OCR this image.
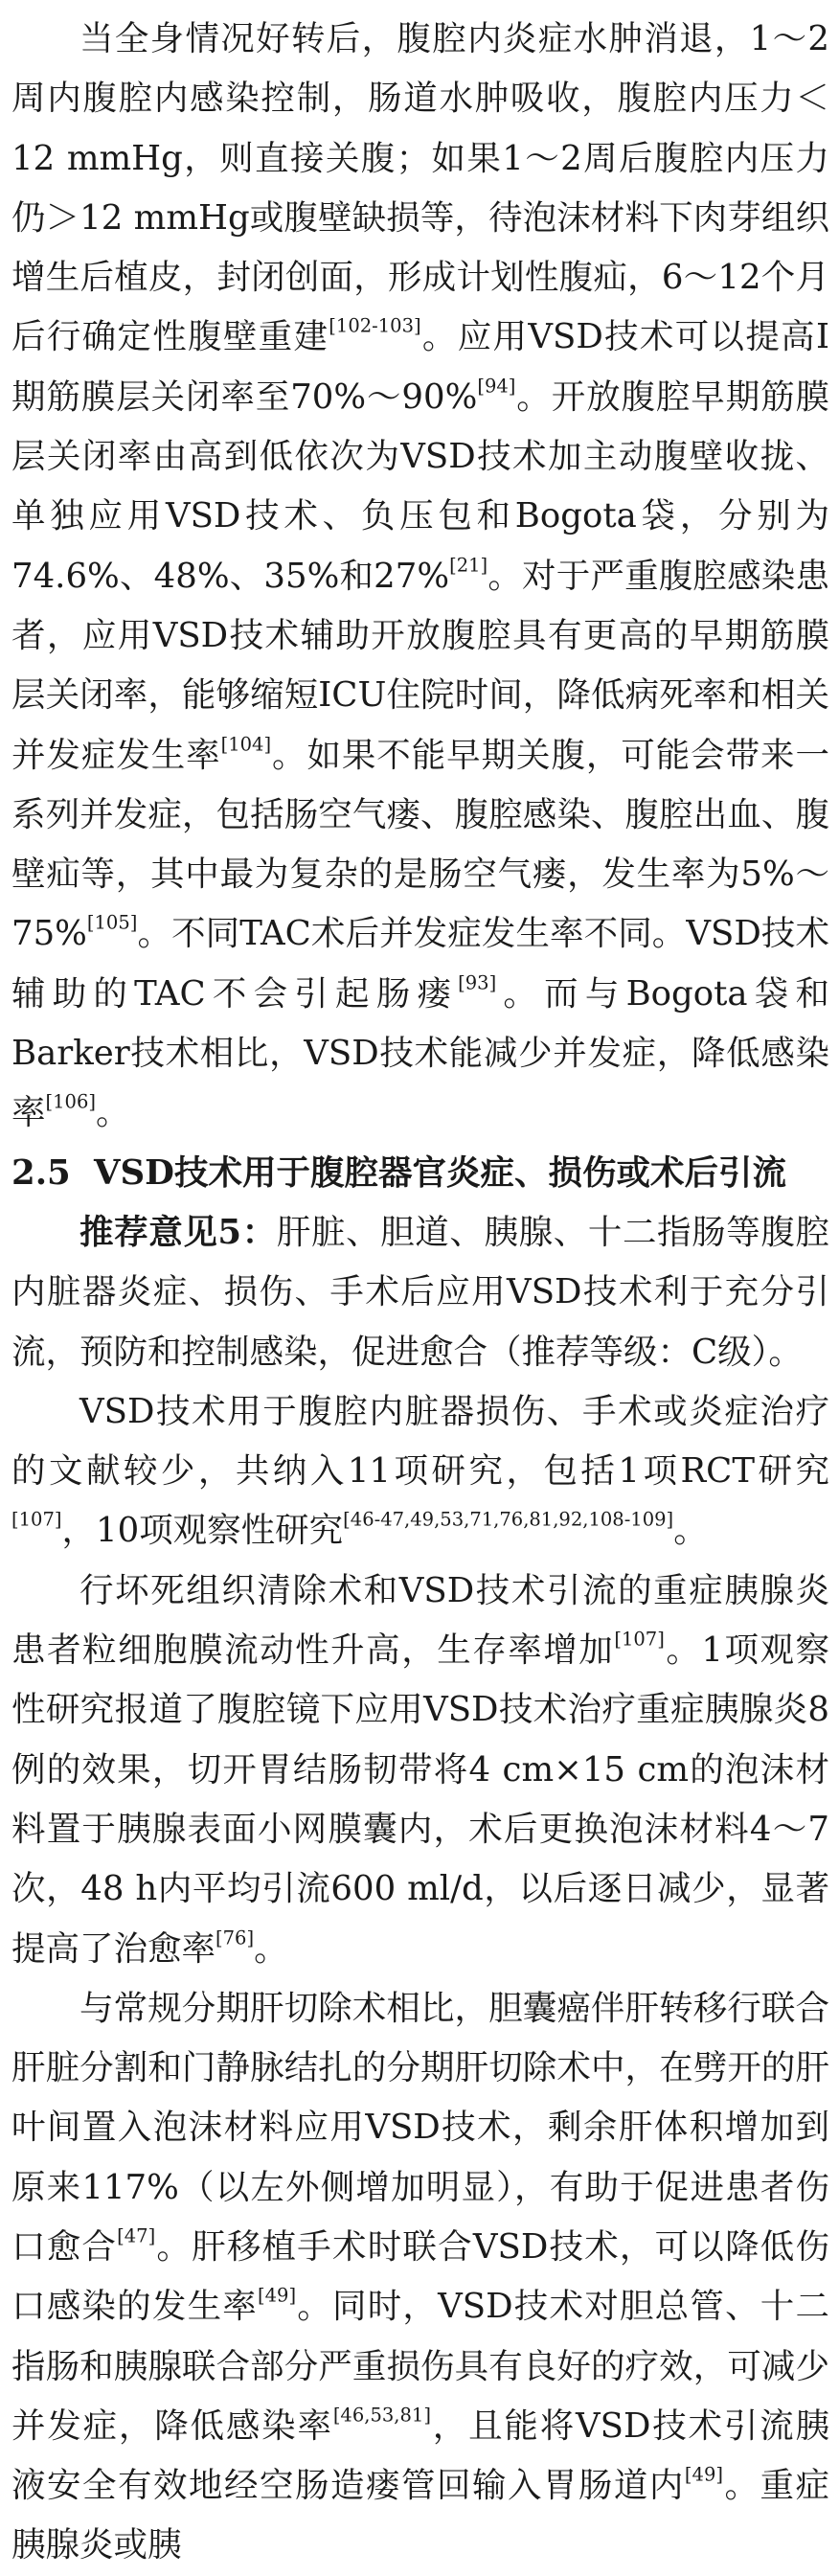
当全身情况好转后，腹腔内炎症水肿消退，1～2周内腹腔内感染控制，肠道水肿吸收，腹腔内压力＜12 mmHg，则直接关腹；如果1～2周后腹腔内压力仍＞12 mmHg或腹壁缺损等，待泡沫材料下肉芽组织增生后植皮，封闭创面，形成计划性腹疝，6～12个月后行确定性腹壁重建[102-103]。应用VSD技术可以提高Ⅰ期筋膜层关闭率至70%～90%[94]。开放腹腔早期筋膜层关闭率由高到低依次为VSD技术加主动腹壁收拢、单独应用VSD技术、负压包和Bogota袋，分别为74.6%、48%、35%和27%[21]。对于严重腹腔感染患者，应用VSD技术辅助开放腹腔具有更高的早期筋膜层关闭率，能够缩短ICU住院时间，降低病死率和相关并发症发生率[104]。如果不能早期关腹，可能会带来一系列并发症，包括肠空气瘘、腹腔感染、腹腔出血、腹壁疝等，其中最为复杂的是肠空气瘘，发生率为5%～75%[105]。不同TAC术后并发症发生率不同。VSD技术辅助的TAC不会引起肠瘘[93]。而与Bogota袋和Barker技术相比，VSD技术能减少并发症，降低感染率[106]。

2.5 VSD技术用于腹腔器官炎症、损伤或术后引流

推荐意见5：肝脏、胆道、胰腺、十二指肠等腹腔内脏器炎症、损伤、手术后应用VSD技术利于充分引流，预防和控制感染，促进愈合（推荐等级：C级）。

VSD技术用于腹腔内脏器损伤、手术或炎症治疗的文献较少，共纳入11项研究，包括1项RCT研究[107]，10项观察性研究[46-47,49,53,71,76,81,92,108-109]。

行坏死组织清除术和VSD技术引流的重症胰腺炎患者粒细胞膜流动性升高，生存率增加[107]。1项观察性研究报道了腹腔镜下应用VSD技术治疗重症胰腺炎8例的效果，切开胃结肠韧带将4 cm×15 cm的泡沫材料置于胰腺表面小网膜囊内，术后更换泡沫材料4～7次，48 h内平均引流600 ml/d，以后逐日减少，显著提高了治愈率[76]。

与常规分期肝切除术相比，胆囊癌伴肝转移行联合肝脏分割和门静脉结扎的分期肝切除术中，在劈开的肝叶间置入泡沫材料应用VSD技术，剩余肝体积增加到原来117%（以左外侧增加明显），有助于促进患者伤口愈合[47]。肝移植手术时联合VSD技术，可以降低伤口感染的发生率[49]。同时，VSD技术对胆总管、十二指肠和胰腺联合部分严重损伤具有良好的疗效，可减少并发症，降低感染率[46,53,81]，且能将VSD技术引流胰液安全有效地经空肠造瘘管回输入胃肠道内[49]。重症胰腺炎或胰
